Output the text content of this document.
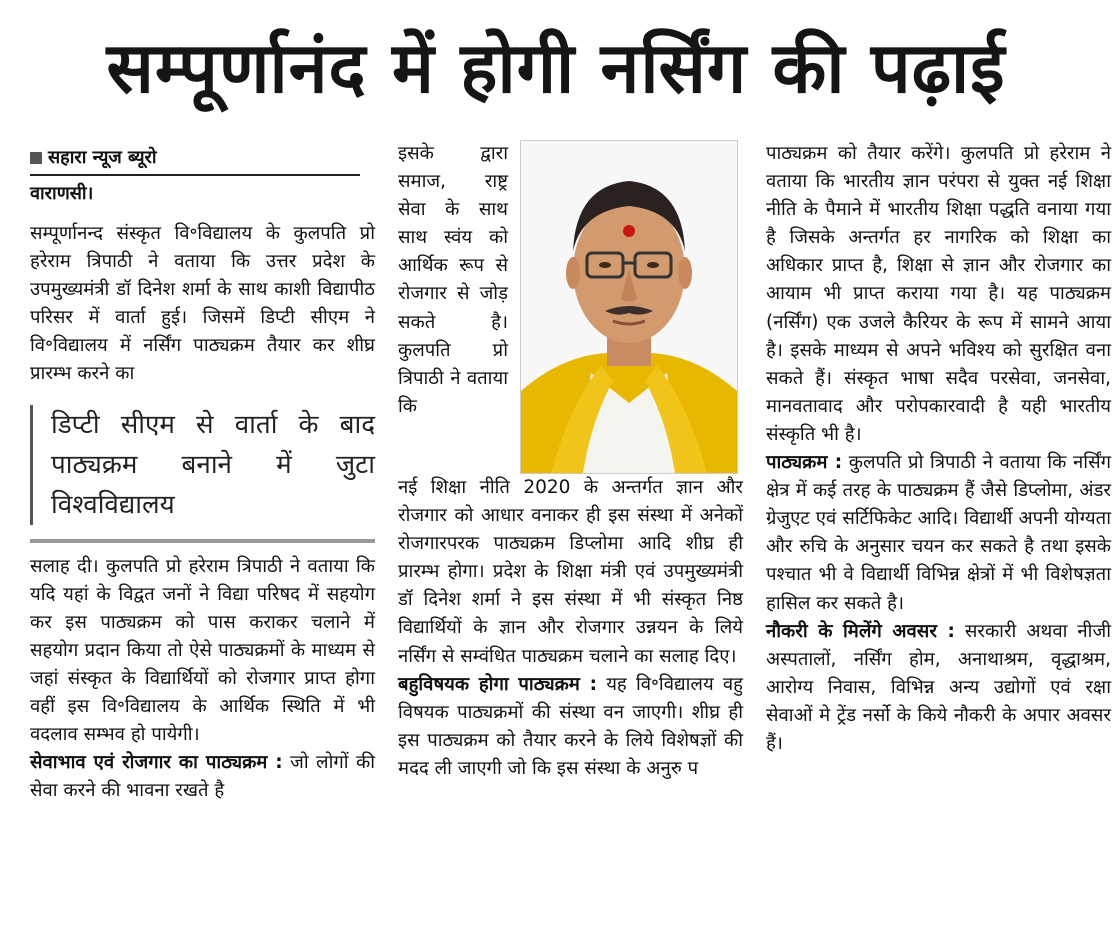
सम्पूर्णानंद में होगी नर्सिंग की पढ़ाई
सहारा न्यूज ब्यूरो
वाराणसी।

सम्पूर्णानन्द संस्कृत वि॰विद्यालय के कुलपति प्रो हरेराम त्रिपाठी ने वताया कि उत्तर प्रदेश के उपमुख्यमंत्री डॉ दिनेश शर्मा के साथ काशी विद्यापीठ परिसर में वार्ता हुई। जिसमें डिप्टी सीएम ने वि॰विद्यालय में नर्सिंग पाठ्यक्रम तैयार कर शीघ्र प्रारम्भ करने का

डिप्टी सीएम से वार्ता के बाद पाठ्यक्रम बनाने में जुटा विश्वविद्यालय

सलाह दी। कुलपति प्रो हरेराम त्रिपाठी ने वताया कि यदि यहां के विद्वत जनों ने विद्या परिषद में सहयोग कर इस पाठ्यक्रम को पास कराकर चलाने में सहयोग प्रदान किया तो ऐसे पाठ्यक्रमों के माध्यम से जहां संस्कृत के विद्यार्थियों को रोजगार प्राप्त होगा वहीं इस वि॰विद्यालय के आर्थिक स्थिति में भी वदलाव सम्भव हो पायेगी।

सेवाभाव एवं रोजगार का पाठ्यक्रम : जो लोगों की सेवा करने की भावना रखते है

इसके द्वारा समाज, राष्ट्र सेवा के साथ साथ स्वंय को आर्थिक रूप से रोजगार से जोड़ सकते है। कुलपति प्रो त्रिपाठी ने वताया कि

नई शिक्षा नीति 2020 के अन्तर्गत ज्ञान और रोजगार को आधार वनाकर ही इस संस्था में अनेकों रोजगारपरक पाठ्यक्रम डिप्लोमा आदि शीघ्र ही प्रारम्भ होगा। प्रदेश के शिक्षा मंत्री एवं उपमुख्यमंत्री डॉ दिनेश शर्मा ने इस संस्था में भी संस्कृत निष्ठ विद्यार्थियों के ज्ञान और रोजगार उन्नयन के लिये नर्सिंग से सम्वंधित पाठ्यक्रम चलाने का सलाह दिए।

बहुविषयक होगा पाठ्यक्रम : यह वि॰विद्यालय वहु विषयक पाठ्यक्रमों की संस्था वन जाएगी। शीघ्र ही इस पाठ्यक्रम को तैयार करने के लिये विशेषज्ञों की मदद ली जाएगी जो कि इस संस्था के अनुरु प

पाठ्यक्रम को तैयार करेंगे। कुलपति प्रो हरेराम ने वताया कि भारतीय ज्ञान परंपरा से युक्त नई शिक्षा नीति के पैमाने में भारतीय शिक्षा पद्धति वनाया गया है जिसके अन्तर्गत हर नागरिक को शिक्षा का अधिकार प्राप्त है, शिक्षा से ज्ञान और रोजगार का आयाम भी प्राप्त कराया गया है। यह पाठ्यक्रम (नर्सिंग) एक उजले कैरियर के रूप में सामने आया है। इसके माध्यम से अपने भविश्य को सुरक्षित वना सकते हैं। संस्कृत भाषा सदैव परसेवा, जनसेवा, मानवतावाद और परोपकारवादी है यही भारतीय संस्कृति भी है।

पाठ्यक्रम : कुलपति प्रो त्रिपाठी ने वताया कि नर्सिंग क्षेत्र में कई तरह के पाठ्यक्रम हैं जैसे डिप्लोमा, अंडर ग्रेजुएट एवं सर्टिफिकेट आदि। विद्यार्थी अपनी योग्यता और रुचि के अनुसार चयन कर सकते है तथा इसके पश्चात भी वे विद्यार्थी विभिन्न क्षेत्रों में भी विशेषज्ञता हासिल कर सकते है।

नौकरी के मिलेंगे अवसर : सरकारी अथवा नीजी अस्पतालों, नर्सिंग होम, अनाथाश्रम, वृद्धाश्रम, आरोग्य निवास, विभिन्न अन्य उद्योगों एवं रक्षा सेवाओं मे ट्रेंड नर्सो के किये नौकरी के अपार अवसर हैं।
